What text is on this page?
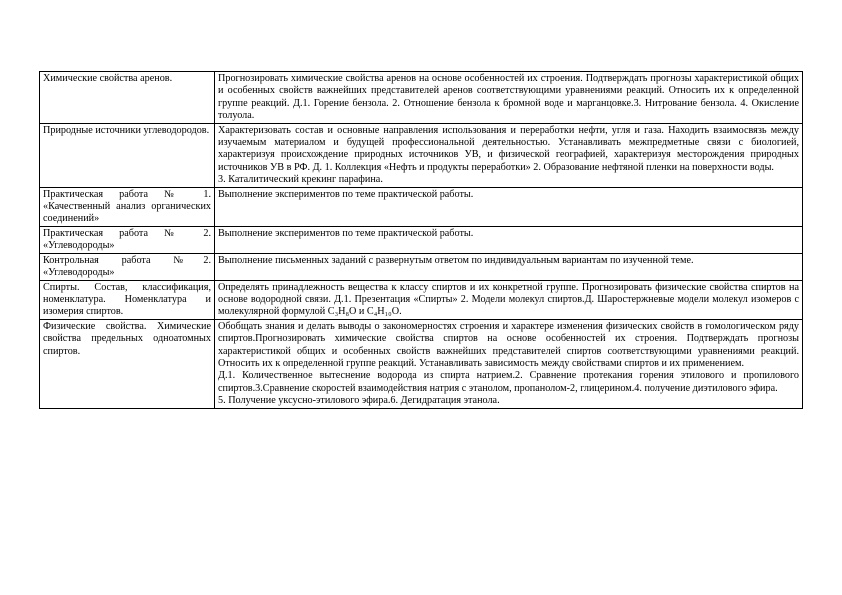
Химические свойства аренов.	Прогнозировать химические свойства аренов на основе особенностей их строения. Подтверждать прогнозы характеристикой общих и особенных свойств важнейших представителей аренов соответствующими уравнениями реакций. Относить их к определенной группе реакций. Д.1. Горение бензола. 2. Отношение бензола к бромной воде и марганцовке.3. Нитрование бензола. 4. Окисление толуола.
Природные источники углеводородов.	Характеризовать состав и основные направления использования и переработки нефти, угля и газа. Находить взаимосвязь между изучаемым материалом и будущей профессиональной деятельностью. Устанавливать межпредметные связи с биологией, характеризуя происхождение природных источников УВ, и физической географией, характеризуя месторождения природных источников УВ в РФ. Д. 1. Коллекция «Нефть и продукты переработки» 2. Образование нефтяной пленки на поверхности воды.
3. Каталитический крекинг парафина.

Практическая работа № 1. «Качественный анализ органических соединений»	Выполнение экспериментов по теме практической работы.
Практическая работа № 2. «Углеводороды»	Выполнение экспериментов по теме практической работы.
Контрольная работа №2. «Углеводороды»	Выполнение письменных заданий с развернутым ответом по индивидуальным вариантам по изученной теме.
Спирты. Состав, классификация, номенклатура. Номенклатура и изомерия спиртов.	Определять принадлежность вещества к классу спиртов и их конкретной группе. Прогнозировать физические свойства спиртов на основе водородной связи. Д.1. Презентация «Спирты» 2. Модели молекул спиртов.Д. Шаростержневые модели молекул изомеров с молекулярной формулой C₃H₈O и C₄H₁₀O.
Физические свойства. Химические свойства предельных одноатомных спиртов.	Обобщать знания и делать выводы о закономерностях строения и характере изменения физических свойств в гомологическом ряду спиртов.Прогнозировать химические свойства спиртов на основе особенностей их строения. Подтверждать прогнозы характеристикой общих и особенных свойств важнейших представителей спиртов соответствующими уравнениями реакций. Относить их к определенной группе реакций. Устанавливать зависимость между свойствами спиртов и их применением.
Д.1. Количественное вытеснение водорода из спирта натрием.2. Сравнение протекания горения этилового и пропилового спиртов.3.Сравнение скоростей взаимодействия натрия с этанолом, пропанолом-2, глицерином.4. получение диэтилового эфира.
5. Получение уксусно-этилового эфира.6. Дегидратация этанола.
